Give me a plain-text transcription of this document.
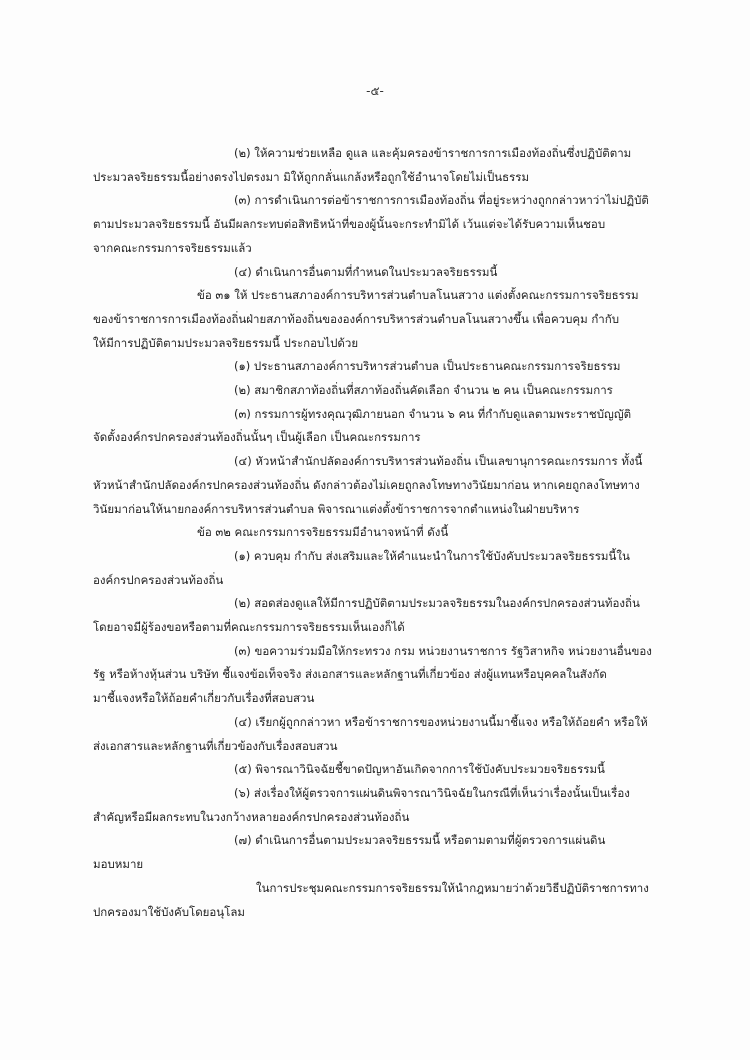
-๕-
(๒) ให้ความช่วยเหลือ ดูแล และคุ้มครองข้าราชการการเมืองท้องถิ่นซึ่งปฏิบัติตาม
ประมวลจริยธรรมนี้อย่างตรงไปตรงมา มิให้ถูกกลั่นแกล้งหรือถูกใช้อำนาจโดยไม่เป็นธรรม
(๓) การดำเนินการต่อข้าราชการการเมืองท้องถิ่น ที่อยู่ระหว่างถูกกล่าวหาว่าไม่ปฏิบัติ
ตามประมวลจริยธรรมนี้ อันมีผลกระทบต่อสิทธิหน้าที่ของผู้นั้นจะกระทำมิได้ เว้นแต่จะได้รับความเห็นชอบ
จากคณะกรรมการจริยธรรมแล้ว
(๔) ดำเนินการอื่นตามที่กำหนดในประมวลจริยธรรมนี้
ข้อ ๓๑ ให้ ประธานสภาองค์การบริหารส่วนตำบลโนนสวาง แต่งตั้งคณะกรรมการจริยธรรม
ของข้าราชการการเมืองท้องถิ่นฝ่ายสภาท้องถิ่นขององค์การบริหารส่วนตำบลโนนสวางขึ้น เพื่อควบคุม กำกับ
ให้มีการปฏิบัติตามประมวลจริยธรรมนี้ ประกอบไปด้วย
(๑) ประธานสภาองค์การบริหารส่วนตำบล เป็นประธานคณะกรรมการจริยธรรม
(๒) สมาชิกสภาท้องถิ่นที่สภาท้องถิ่นคัดเลือก จำนวน ๒ คน เป็นคณะกรรมการ
(๓) กรรมการผู้ทรงคุณวุฒิภายนอก จำนวน ๖ คน ที่กำกับดูแลตามพระราชบัญญัติ
จัดตั้งองค์กรปกครองส่วนท้องถิ่นนั้นๆ เป็นผู้เลือก เป็นคณะกรรมการ
(๔) หัวหน้าสำนักปลัดองค์การบริหารส่วนท้องถิ่น เป็นเลขานุการคณะกรรมการ ทั้งนี้
หัวหน้าสำนักปลัดองค์กรปกครองส่วนท้องถิ่น ดังกล่าวต้องไม่เคยถูกลงโทษทางวินัยมาก่อน หากเคยถูกลงโทษทาง
วินัยมาก่อนให้นายกองค์การบริหารส่วนตำบล พิจารณาแต่งตั้งข้าราชการจากตำแหน่งในฝ่ายบริหาร
ข้อ ๓๒ คณะกรรมการจริยธรรมมีอำนาจหน้าที่ ดังนี้
(๑) ควบคุม กำกับ ส่งเสริมและให้คำแนะนำในการใช้บังคับประมวลจริยธรรมนี้ใน
องค์กรปกครองส่วนท้องถิ่น
(๒) สอดส่องดูแลให้มีการปฏิบัติตามประมวลจริยธรรมในองค์กรปกครองส่วนท้องถิ่น
โดยอาจมีผู้ร้องขอหรือตามที่คณะกรรมการจริยธรรมเห็นเองก็ได้
(๓) ขอความร่วมมือให้กระทรวง กรม หน่วยงานราชการ รัฐวิสาหกิจ หน่วยงานอื่นของ
รัฐ หรือห้างหุ้นส่วน บริษัท ชี้แจงข้อเท็จจริง ส่งเอกสารและหลักฐานที่เกี่ยวข้อง ส่งผู้แทนหรือบุคคลในสังกัด
มาชี้แจงหรือให้ถ้อยคำเกี่ยวกับเรื่องที่สอบสวน
(๔) เรียกผู้ถูกกล่าวหา หรือข้าราชการของหน่วยงานนี้มาชี้แจง หรือให้ถ้อยคำ หรือให้
ส่งเอกสารและหลักฐานที่เกี่ยวข้องกับเรื่องสอบสวน
(๕) พิจารณาวินิจฉัยชี้ขาดปัญหาอันเกิดจากการใช้บังคับประมวยจริยธรรมนี้
(๖) ส่งเรื่องให้ผู้ตรวจการแผ่นดินพิจารณาวินิจฉัยในกรณีที่เห็นว่าเรื่องนั้นเป็นเรื่อง
สำคัญหรือมีผลกระทบในวงกว้างหลายองค์กรปกครองส่วนท้องถิ่น
(๗) ดำเนินการอื่นตามประมวลจริยธรรมนี้ หรือตามตามที่ผู้ตรวจการแผ่นดิน
มอบหมาย
ในการประชุมคณะกรรมการจริยธรรมให้นำกฎหมายว่าด้วยวิธีปฏิบัติราชการทาง
ปกครองมาใช้บังคับโดยอนุโลม
